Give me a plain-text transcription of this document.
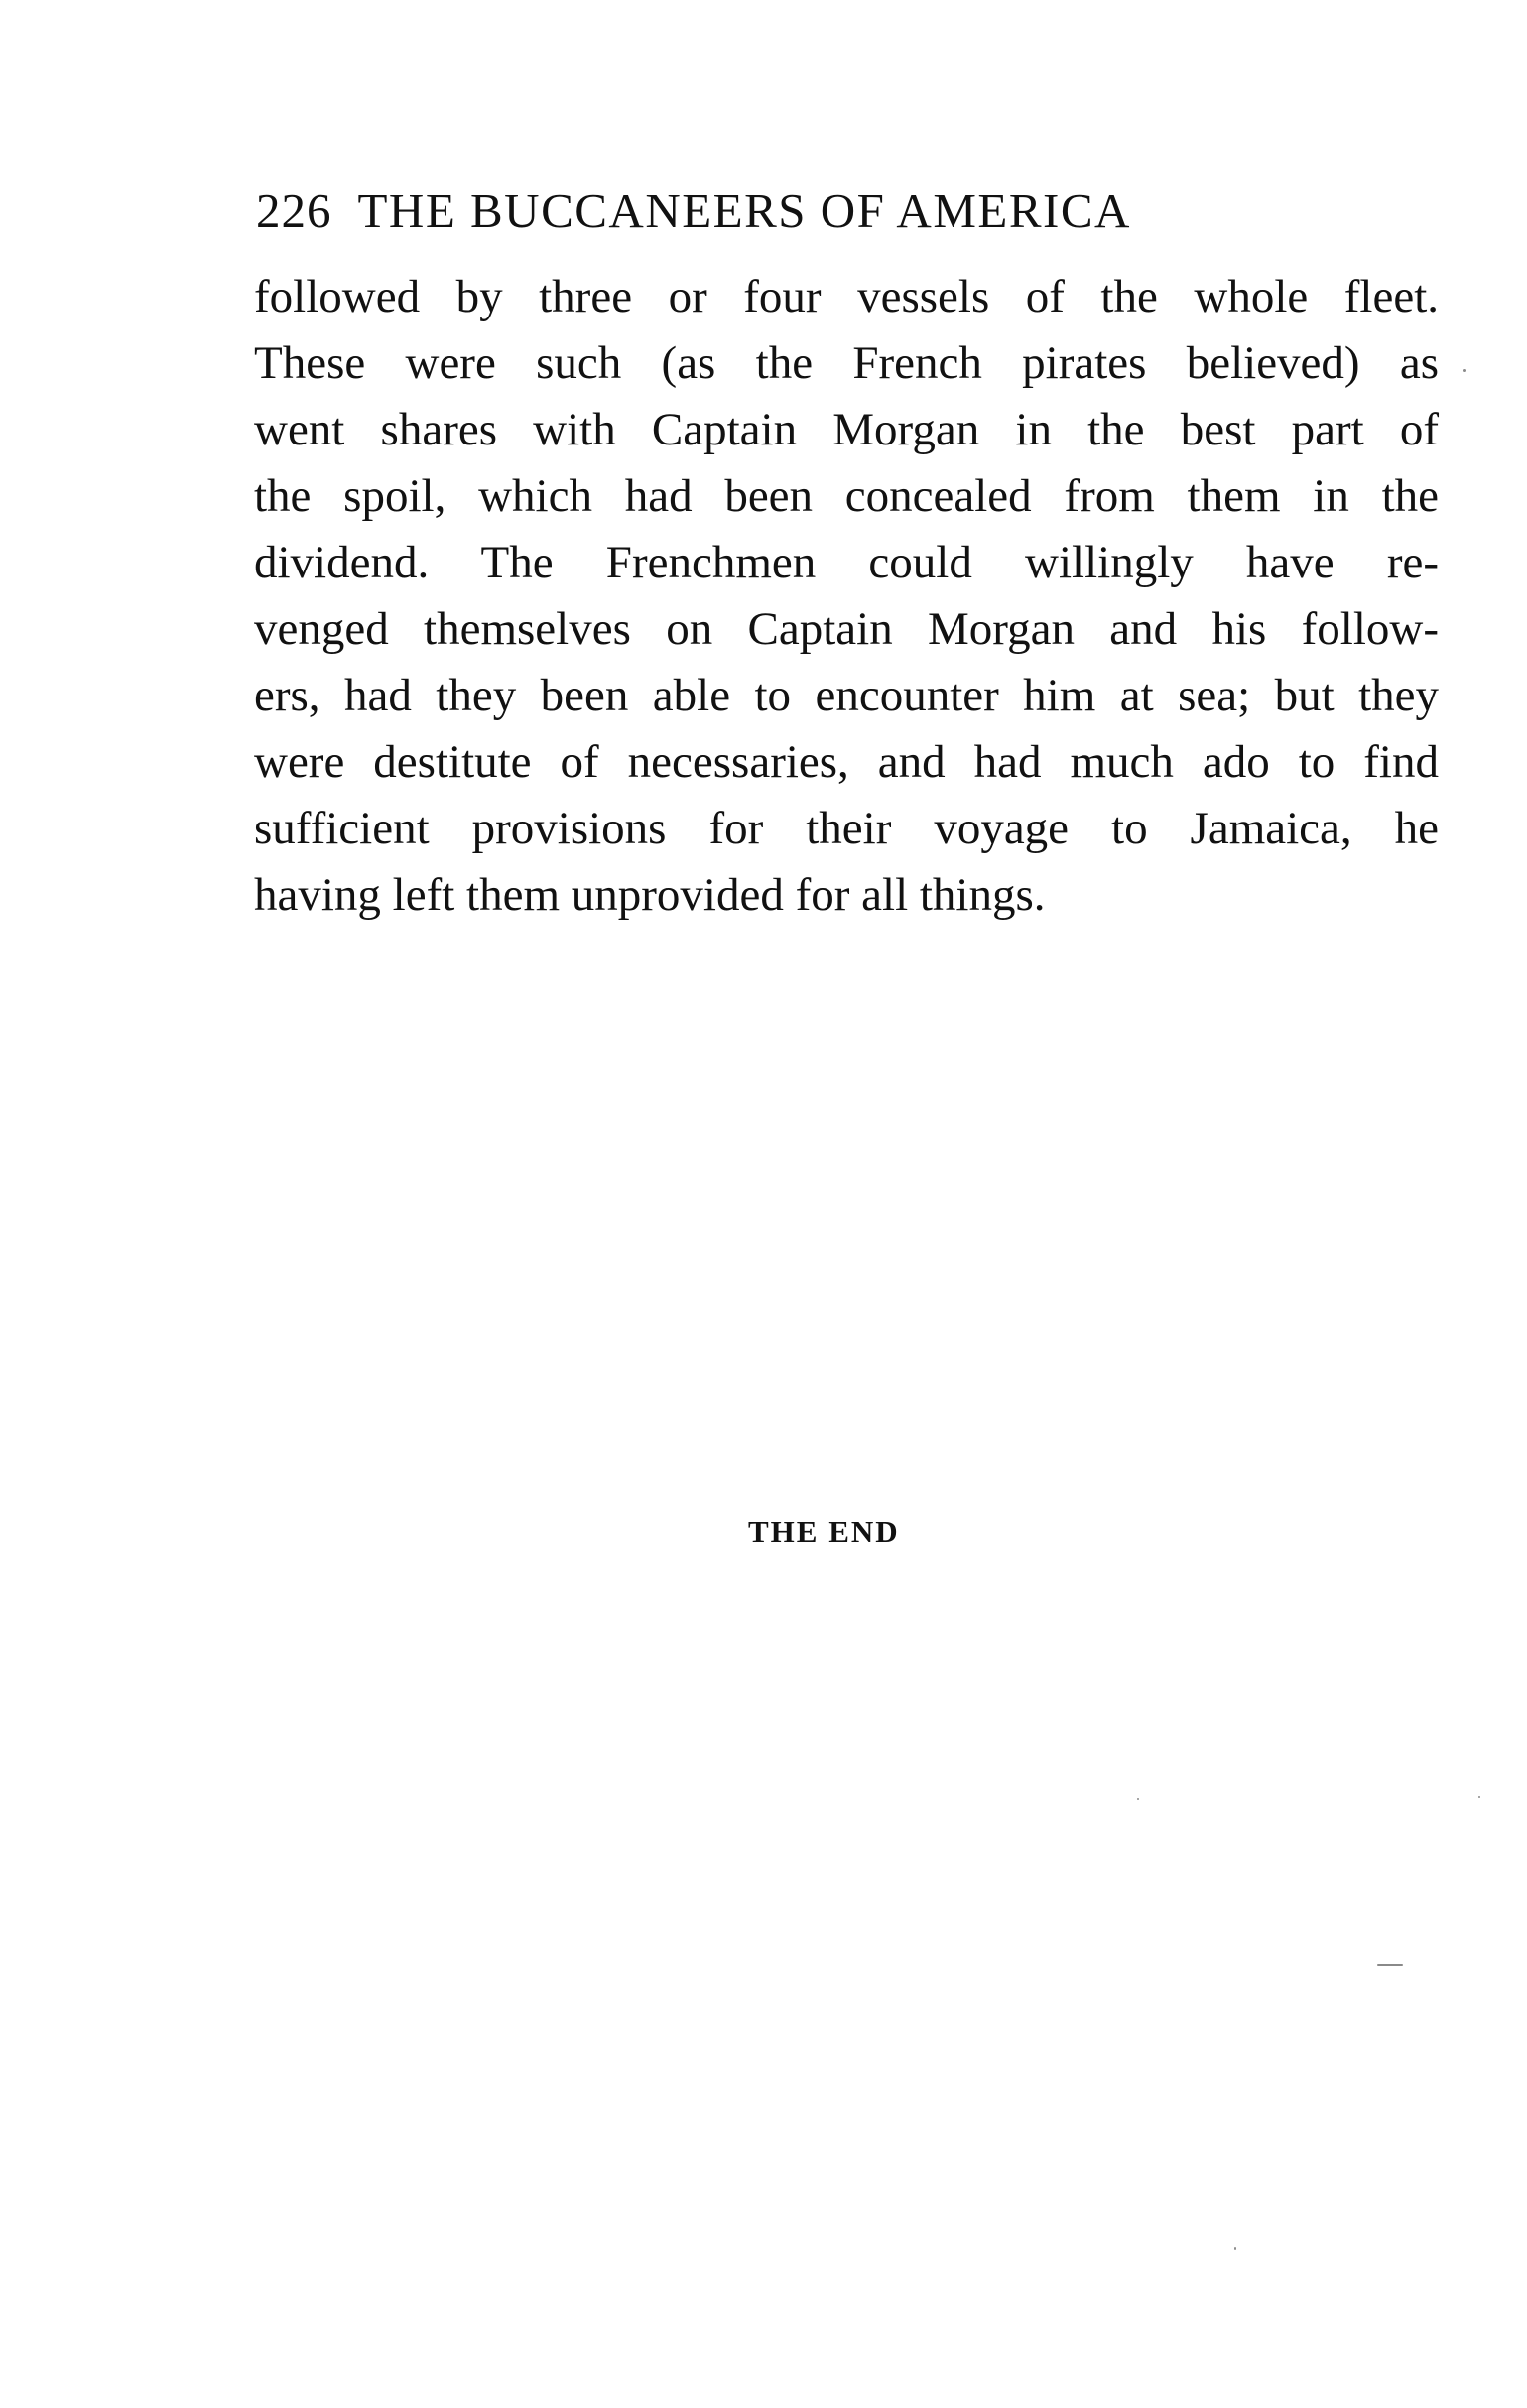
226 THE BUCCANEERS OF AMERICA
followed by three or four vessels of the whole fleet.
These were such (as the French pirates believed) as
went shares with Captain Morgan in the best part of
the spoil, which had been concealed from them in the
dividend. The Frenchmen could willingly have re-
venged themselves on Captain Morgan and his follow-
ers, had they been able to encounter him at sea; but they
were destitute of necessaries, and had much ado to find
sufficient provisions for their voyage to Jamaica, he
having left them unprovided for all things.
THE END
